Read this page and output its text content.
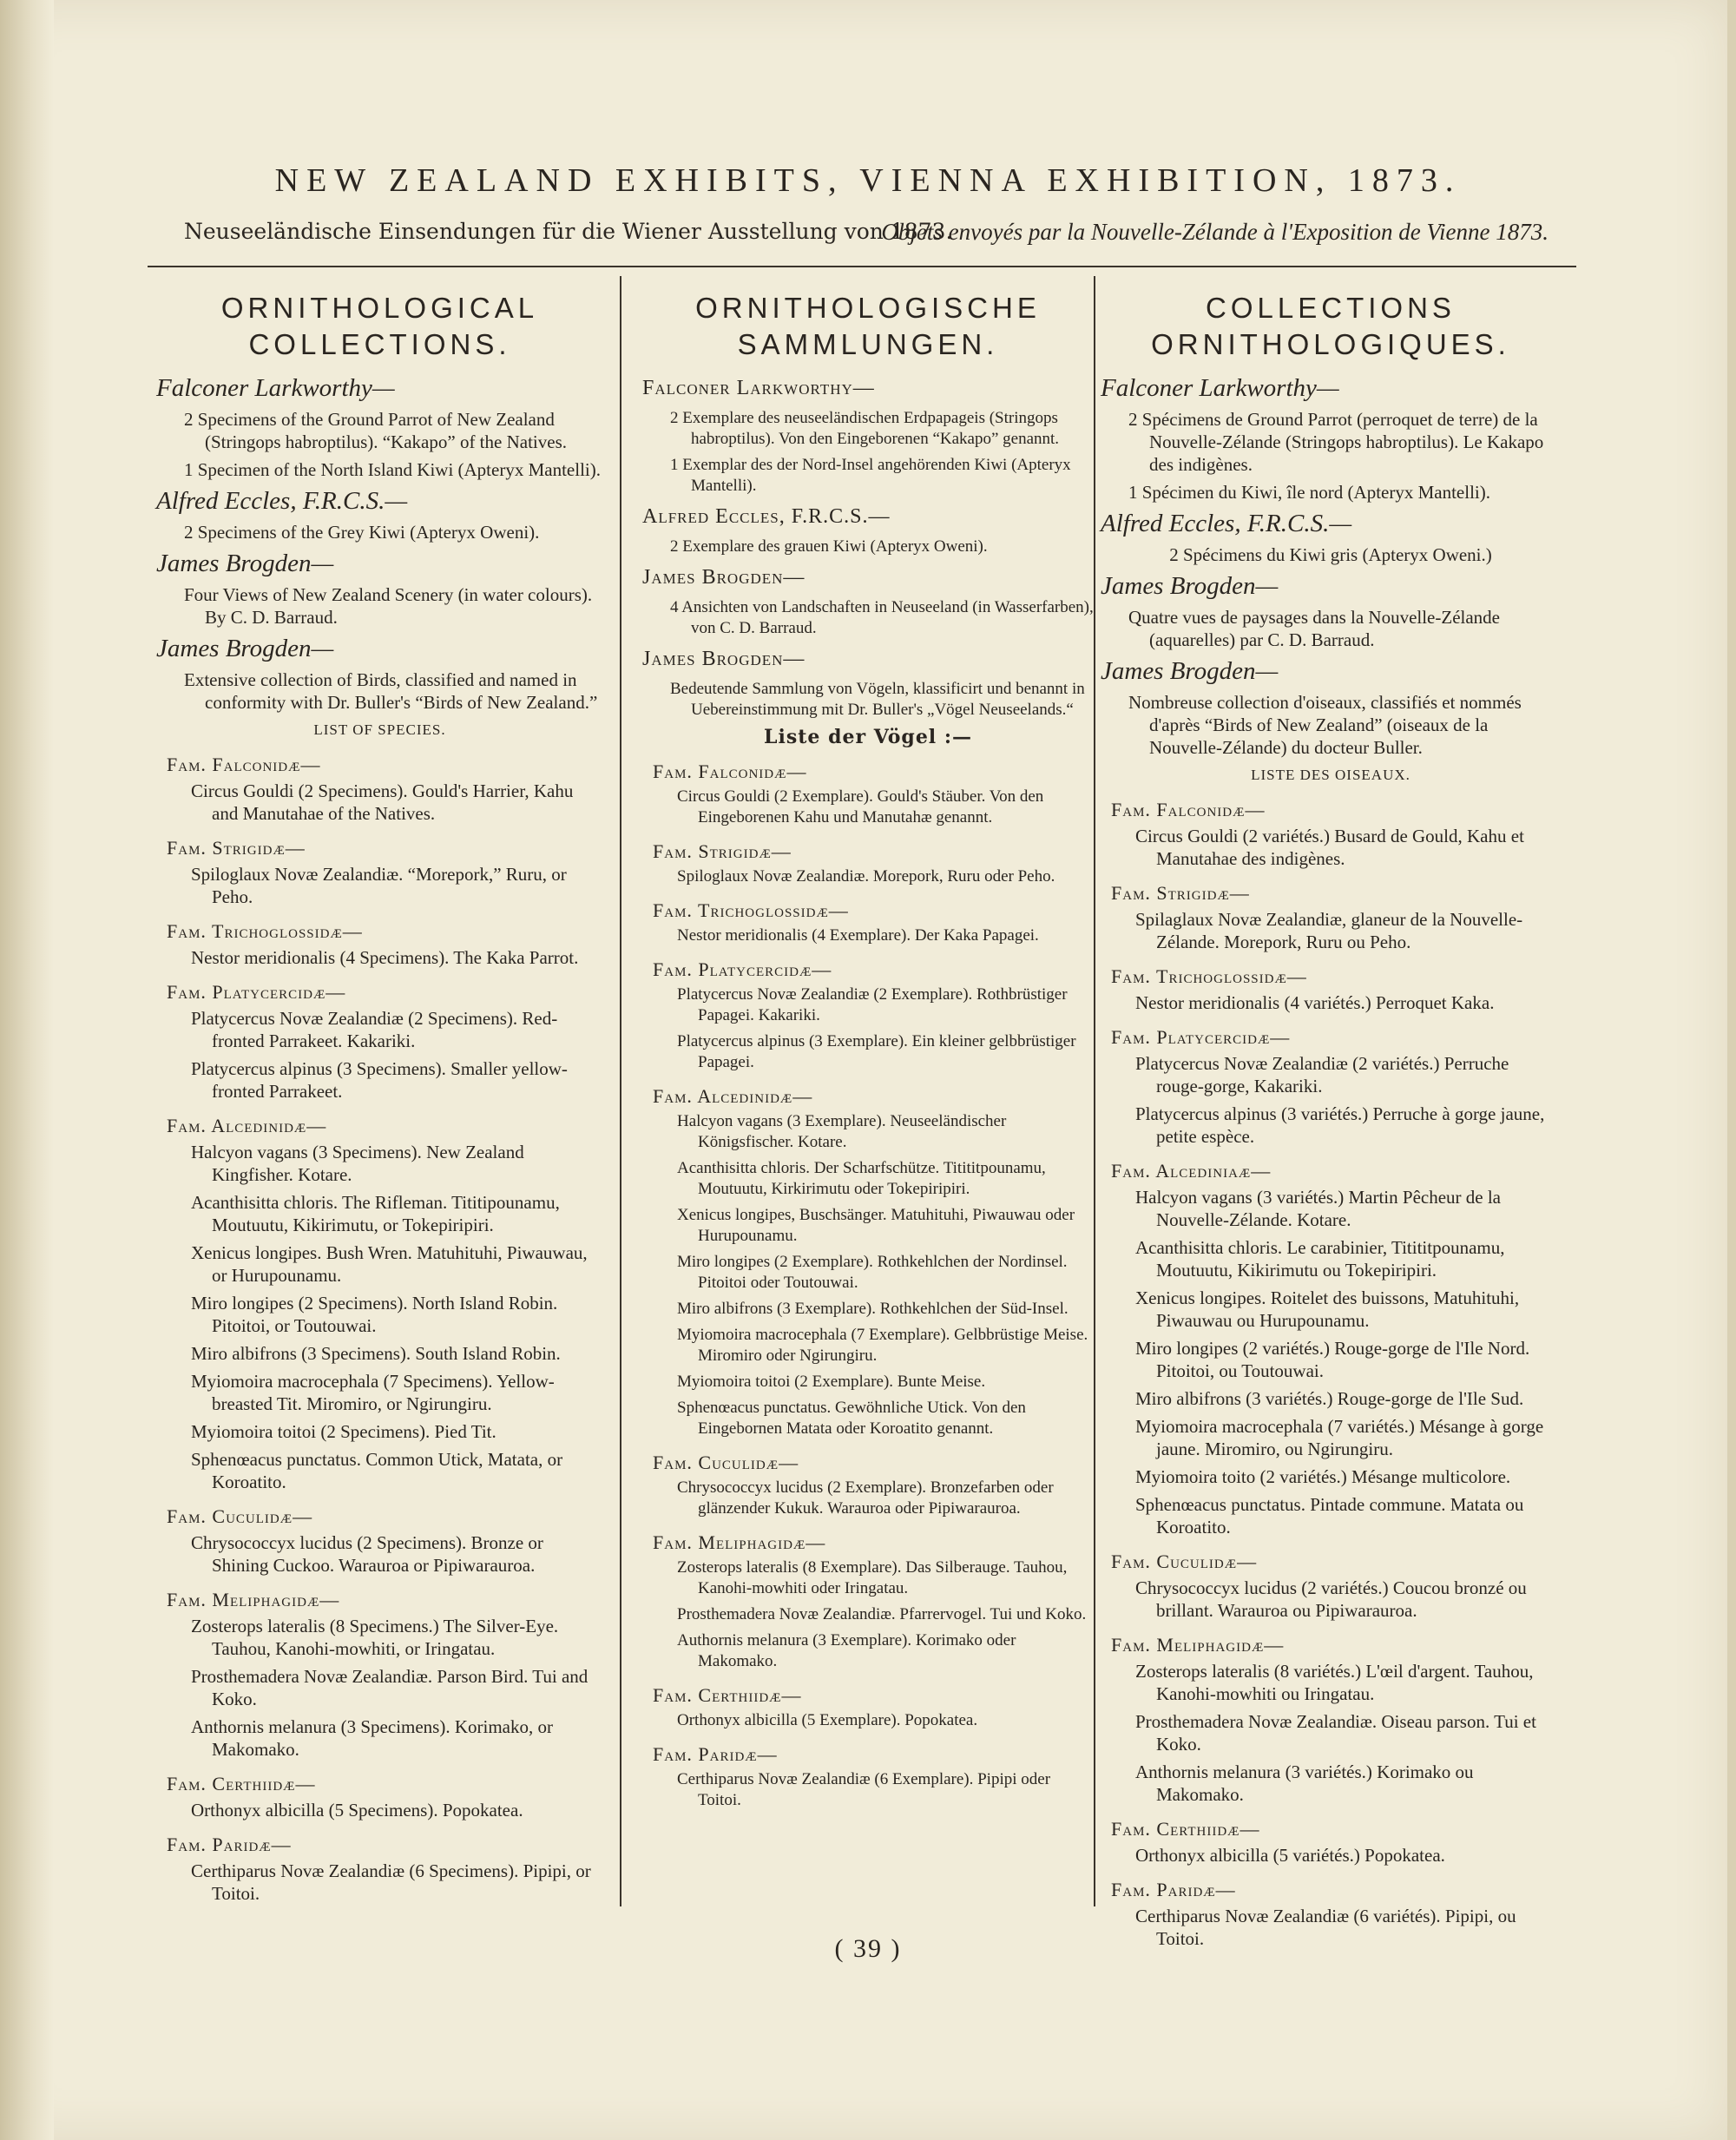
NEW ZEALAND EXHIBITS, VIENNA EXHIBITION, 1873.
Neuseeländische Einsendungen für die Wiener Ausstellung von 1873.
Objets envoyés par la Nouvelle-Zélande à l'Exposition de Vienne 1873.
ORNITHOLOGICAL
COLLECTIONS.
Falconer Larkworthy—
2 Specimens of the Ground Parrot of New Zealand (Stringops habroptilus). “Kakapo” of the Natives.
1 Specimen of the North Island Kiwi (Apteryx Mantelli).
Alfred Eccles, F.R.C.S.—
2 Specimens of the Grey Kiwi (Apteryx Oweni).
James Brogden—
Four Views of New Zealand Scenery (in water colours). By C. D. Barraud.
James Brogden—
Extensive collection of Birds, classified and named in conformity with Dr. Buller's “Birds of New Zealand.”
LIST OF SPECIES.
Fam. Falconidæ—
Circus Gouldi (2 Specimens). Gould's Harrier, Kahu and Manutahae of the Natives.
Fam. Strigidæ—
Spiloglaux Novæ Zealandiæ. “Morepork,” Ruru, or Peho.
Fam. Trichoglossidæ—
Nestor meridionalis (4 Specimens). The Kaka Parrot.
Fam. Platycercidæ—
Platycercus Novæ Zealandiæ (2 Specimens). Red-fronted Parrakeet. Kakariki.
Platycercus alpinus (3 Specimens). Smaller yellow-fronted Parrakeet.
Fam. Alcedinidæ—
Halcyon vagans (3 Specimens). New Zealand Kingfisher. Kotare.
Acanthisitta chloris. The Rifleman. Tititipounamu, Moutuutu, Kikirimutu, or Tokepiripiri.
Xenicus longipes. Bush Wren. Matuhituhi, Piwauwau, or Hurupounamu.
Miro longipes (2 Specimens). North Island Robin. Pitoitoi, or Toutouwai.
Miro albifrons (3 Specimens). South Island Robin.
Myiomoira macrocephala (7 Specimens). Yellow-breasted Tit. Miromiro, or Ngirungiru.
Myiomoira toitoi (2 Specimens). Pied Tit.
Sphenœacus punctatus. Common Utick, Matata, or Koroatito.
Fam. Cuculidæ—
Chrysococcyx lucidus (2 Specimens). Bronze or Shining Cuckoo. Warauroa or Pipiwarauroa.
Fam. Meliphagidæ—
Zosterops lateralis (8 Specimens.) The Silver-Eye. Tauhou, Kanohi-mowhiti, or Iringatau.
Prosthemadera Novæ Zealandiæ. Parson Bird. Tui and Koko.
Anthornis melanura (3 Specimens). Korimako, or Makomako.
Fam. Certhiidæ—
Orthonyx albicilla (5 Specimens). Popokatea.
Fam. Paridæ—
Certhiparus Novæ Zealandiæ (6 Specimens). Pipipi, or Toitoi.
ORNITHOLOGISCHE
SAMMLUNGEN.
Falconer Larkworthy—
2 Exemplare des neuseeländischen Erdpapageis (Stringops habroptilus). Von den Eingeborenen “Kakapo” genannt.
1 Exemplar des der Nord-Insel angehörenden Kiwi (Apteryx Mantelli).
Alfred Eccles, F.R.C.S.—
2 Exemplare des grauen Kiwi (Apteryx Oweni).
James Brogden—
4 Ansichten von Landschaften in Neuseeland (in Wasserfarben), von C. D. Barraud.
James Brogden—
Bedeutende Sammlung von Vögeln, klassificirt und benannt in Uebereinstimmung mit Dr. Buller's „Vögel Neuseelands.“
Liste der Vögel :—
Fam. Falconidæ—
Circus Gouldi (2 Exemplare). Gould's Stäuber. Von den Eingeborenen Kahu und Manutahæ genannt.
Fam. Strigidæ—
Spiloglaux Novæ Zealandiæ. Morepork, Ruru oder Peho.
Fam. Trichoglossidæ—
Nestor meridionalis (4 Exemplare). Der Kaka Papagei.
Fam. Platycercidæ—
Platycercus Novæ Zealandiæ (2 Exemplare). Rothbrüstiger Papagei. Kakariki.
Platycercus alpinus (3 Exemplare). Ein kleiner gelbbrüstiger Papagei.
Fam. Alcedinidæ—
Halcyon vagans (3 Exemplare). Neuseeländischer Königsfischer. Kotare.
Acanthisitta chloris. Der Scharfschütze. Titititpounamu, Moutuutu, Kirkirimutu oder Tokepiripiri.
Xenicus longipes, Buschsänger. Matuhituhi, Piwauwau oder Hurupounamu.
Miro longipes (2 Exemplare). Rothkehlchen der Nordinsel. Pitoitoi oder Toutouwai.
Miro albifrons (3 Exemplare). Rothkehlchen der Süd-Insel.
Myiomoira macrocephala (7 Exemplare). Gelbbrüstige Meise. Miromiro oder Ngirungiru.
Myiomoira toitoi (2 Exemplare). Bunte Meise.
Sphenœacus punctatus. Gewöhnliche Utick. Von den Eingebornen Matata oder Koroatito genannt.
Fam. Cuculidæ—
Chrysococcyx lucidus (2 Exemplare). Bronzefarben oder glänzender Kukuk. Warauroa oder Pipiwarauroa.
Fam. Meliphagidæ—
Zosterops lateralis (8 Exemplare). Das Silberauge. Tauhou, Kanohi-mowhiti oder Iringatau.
Prosthemadera Novæ Zealandiæ. Pfarrervogel. Tui und Koko.
Authornis melanura (3 Exemplare). Korimako oder Makomako.
Fam. Certhiidæ—
Orthonyx albicilla (5 Exemplare). Popokatea.
Fam. Paridæ—
Certhiparus Novæ Zealandiæ (6 Exemplare). Pipipi oder Toitoi.
COLLECTIONS
ORNITHOLOGIQUES.
Falconer Larkworthy—
2 Spécimens de Ground Parrot (perroquet de terre) de la Nouvelle-Zélande (Stringops habroptilus). Le Kakapo des indigènes.
1 Spécimen du Kiwi, île nord (Apteryx Mantelli).
Alfred Eccles, F.R.C.S.—
2 Spécimens du Kiwi gris (Apteryx Oweni.)
James Brogden—
Quatre vues de paysages dans la Nouvelle-Zélande (aquarelles) par C. D. Barraud.
James Brogden—
Nombreuse collection d'oiseaux, classifiés et nommés d'après “Birds of New Zealand” (oiseaux de la Nouvelle-Zélande) du docteur Buller.
LISTE DES OISEAUX.
Fam. Falconidæ—
Circus Gouldi (2 variétés.) Busard de Gould, Kahu et Manutahae des indigènes.
Fam. Strigidæ—
Spilaglaux Novæ Zealandiæ, glaneur de la Nouvelle-Zélande. Morepork, Ruru ou Peho.
Fam. Trichoglossidæ—
Nestor meridionalis (4 variétés.) Perroquet Kaka.
Fam. Platycercidæ—
Platycercus Novæ Zealandiæ (2 variétés.) Perruche rouge-gorge, Kakariki.
Platycercus alpinus (3 variétés.) Perruche à gorge jaune, petite espèce.
Fam. Alcediniaæ—
Halcyon vagans (3 variétés.) Martin Pêcheur de la Nouvelle-Zélande. Kotare.
Acanthisitta chloris. Le carabinier, Titititpounamu, Moutuutu, Kikirimutu ou Tokepiripiri.
Xenicus longipes. Roitelet des buissons, Matuhituhi, Piwauwau ou Hurupounamu.
Miro longipes (2 variétés.) Rouge-gorge de l'Ile Nord. Pitoitoi, ou Toutouwai.
Miro albifrons (3 variétés.) Rouge-gorge de l'Ile Sud.
Myiomoira macrocephala (7 variétés.) Mésange à gorge jaune. Miromiro, ou Ngirungiru.
Myiomoira toito (2 variétés.) Mésange multicolore.
Sphenœacus punctatus. Pintade commune. Matata ou Koroatito.
Fam. Cuculidæ—
Chrysococcyx lucidus (2 variétés.) Coucou bronzé ou brillant. Warauroa ou Pipiwarauroa.
Fam. Meliphagidæ—
Zosterops lateralis (8 variétés.) L'œil d'argent. Tauhou, Kanohi-mowhiti ou Iringatau.
Prosthemadera Novæ Zealandiæ. Oiseau parson. Tui et Koko.
Anthornis melanura (3 variétés.) Korimako ou Makomako.
Fam. Certhiidæ—
Orthonyx albicilla (5 variétés.) Popokatea.
Fam. Paridæ—
Certhiparus Novæ Zealandiæ (6 variétés). Pipipi, ou Toitoi.
( 39 )
